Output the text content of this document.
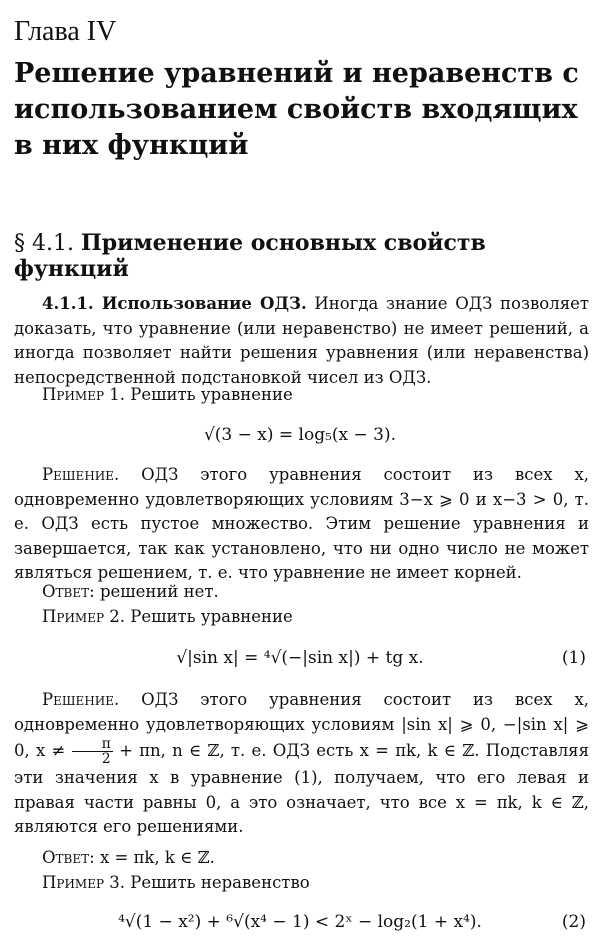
Глава IV
Решение уравнений и неравенств с использованием свойств входящих в них функций
§ 4.1. Применение основных свойств функций
4.1.1. Использование ОДЗ. Иногда знание ОДЗ позволяет доказать, что уравнение (или неравенство) не имеет решений, а иногда позволяет найти решения уравнения (или неравенства) непосредственной подстановкой чисел из ОДЗ.
Пример 1. Решить уравнение
√(3 − x) = log₅(x − 3).
Решение. ОДЗ этого уравнения состоит из всех x, одновременно удовлетворяющих условиям 3−x ⩾ 0 и x−3 > 0, т. е. ОДЗ есть пустое множество. Этим решение уравнения и завершается, так как установлено, что ни одно число не может являться решением, т. е. что уравнение не имеет корней.
Ответ: решений нет.
Пример 2. Решить уравнение
√|sin x| = ⁴√(−|sin x|) + tg x.	(1)
Решение. ОДЗ этого уравнения состоит из всех x, одновременно удовлетворяющих условиям |sin x| ⩾ 0, −|sin x| ⩾ 0, $x \ne \frac{\pi}{2} + \pi n$, n ∈ ℤ, т. е. ОДЗ есть x = πk, k ∈ ℤ. Подставляя эти значения x в уравнение (1), получаем, что его левая и правая части равны 0, а это означает, что все x = πk, k ∈ ℤ, являются его решениями.
Ответ: x = πk, k ∈ ℤ.
Пример 3. Решить неравенство
⁴√(1 − x²) + ⁶√(x⁴ − 1) < 2ˣ − log₂(1 + x⁴).	(2)
